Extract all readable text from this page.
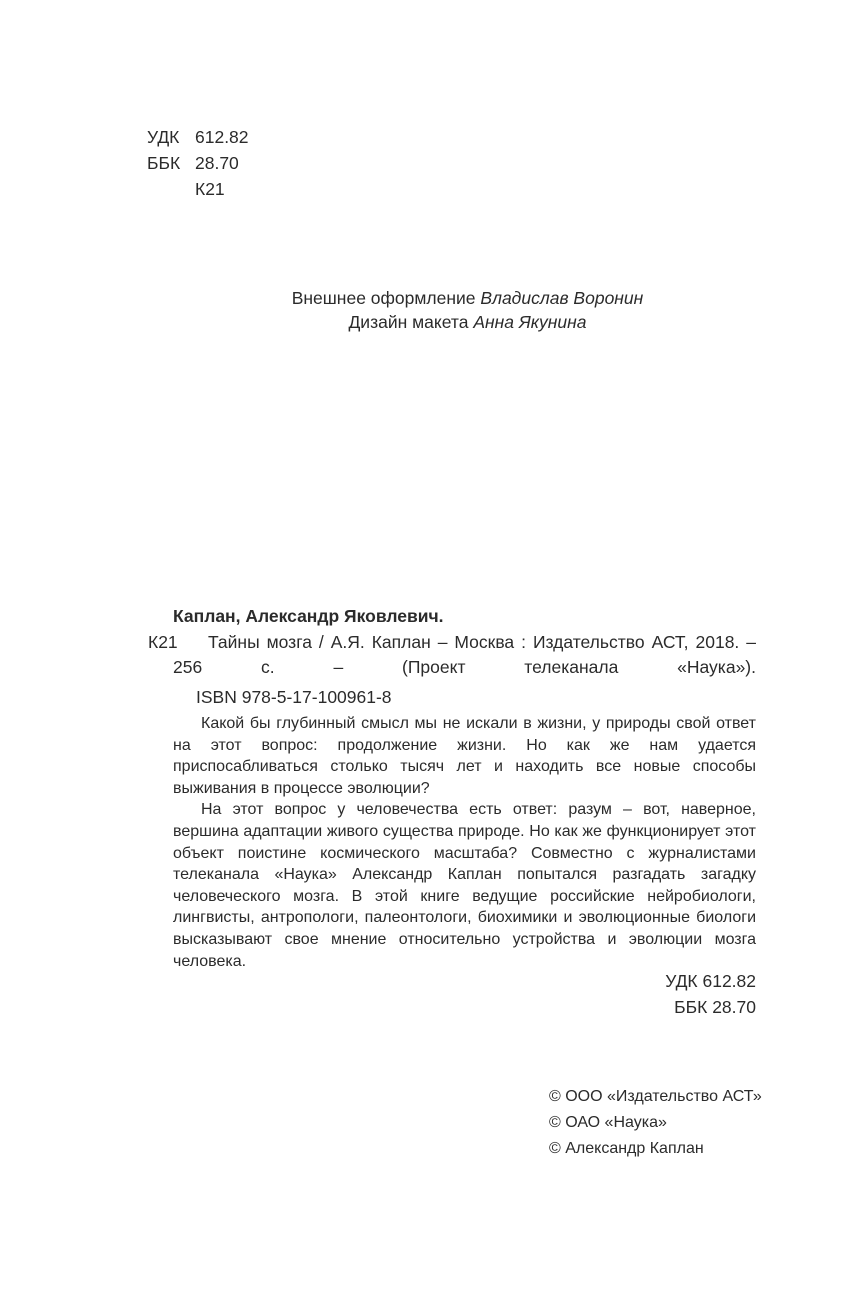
УДК 612.82
ББК 28.70
К21
Внешнее оформление Владислав Воронин
Дизайн макета Анна Якунина
Каплан, Александр Яковлевич.
К21	Тайны мозга / А.Я. Каплан – Москва : Издательство АСТ, 2018. – 256 с. – (Проект телеканала «Наука»).
ISBN 978-5-17-100961-8

Какой бы глубинный смысл мы не искали в жизни, у природы свой ответ на этот вопрос: продолжение жизни. Но как же нам удается приспосабливаться столько тысяч лет и находить все новые способы выживания в процессе эволюции?

На этот вопрос у человечества есть ответ: разум – вот, наверное, вершина адаптации живого существа природе. Но как же функционирует этот объект поистине космического масштаба? Совместно с журналистами телеканала «Наука» Александр Каплан попытался разгадать загадку человеческого мозга. В этой книге ведущие российские нейробиологи, лингвисты, антропологи, палеонтологи, биохимики и эволюционные биологи высказывают свое мнение относительно устройства и эволюции мозга человека.

УДК 612.82
ББК 28.70
© ООО «Издательство АСТ»
© ОАО «Наука»
© Александр Каплан
